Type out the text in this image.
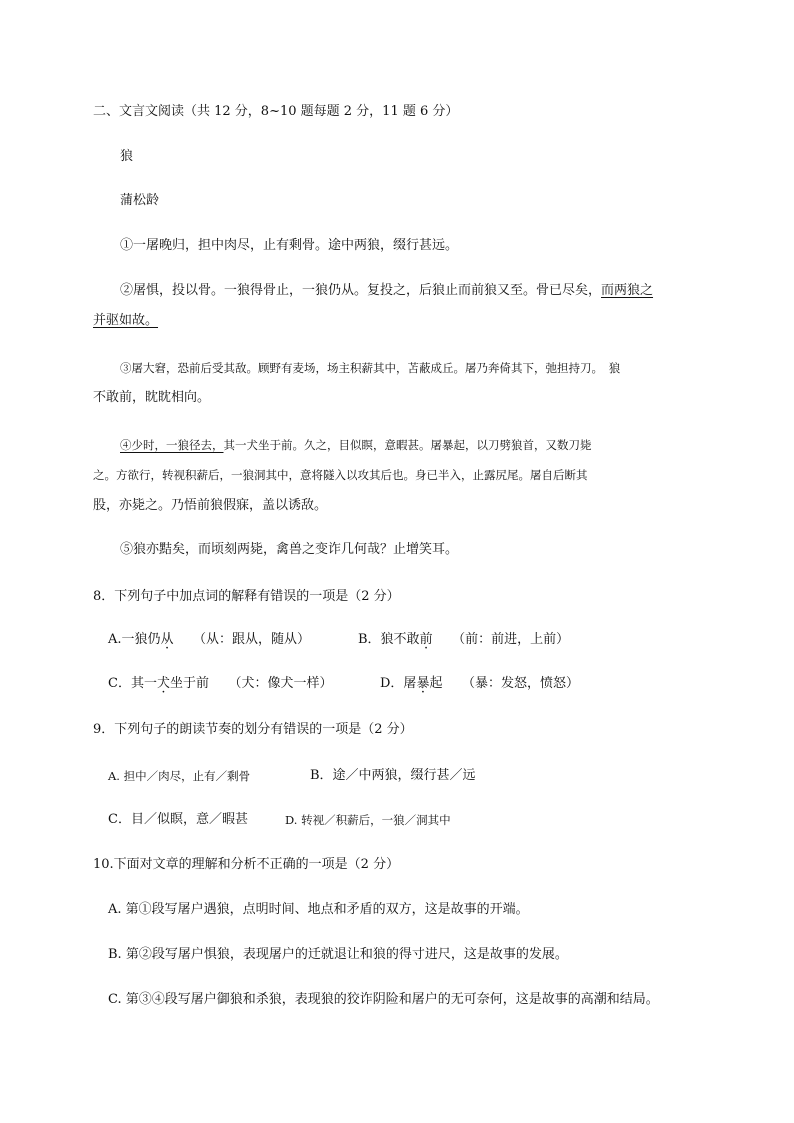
二、文言文阅读（共 12 分，8~10 题每题 2 分，11 题 6 分）
狼
蒲松龄
①一屠晚归，担中肉尽，止有剩骨。途中两狼，缀行甚远。
②屠惧，投以骨。一狼得骨止，一狼仍从。复投之，后狼止而前狼又至。骨已尽矣，而两狼之
并驱如故。
③屠大窘，恐前后受其敌。顾野有麦场，场主积薪其中，苫蔽成丘。屠乃奔倚其下，弛担持刀。　狼
不敢前，眈眈相向。
④少时，一狼径去，其一犬坐于前。久之，目似瞑，意暇甚。屠暴起，以刀劈狼首，又数刀毙
之。方欲行，转视积薪后，一狼洞其中，意将隧入以攻其后也。身已半入，止露尻尾。屠自后断其
股，亦毙之。乃悟前狼假寐，盖以诱敌。
⑤狼亦黠矣，而顷刻两毙，禽兽之变诈几何哉？止增笑耳。
8．下列句子中加点词的解释有错误的一项是（2 分）
A.一狼仍从　　（从：跟从，随从）	B．狼不敢前　　（前：前进，上前）
C．其一犬坐于前　　（犬：像犬一样）	D．屠暴起　　（暴：发怒，愤怒）
9．下列句子的朗读节奏的划分有错误的一项是（2 分）
A. 担中／肉尽，止有／剩骨	B．途／中两狼，缀行甚／远
C．目／似瞑，意／暇甚	D. 转视／积薪后，一狼／洞其中
10.下面对文章的理解和分析不正确的一项是（2 分）
A. 第①段写屠户遇狼，点明时间、地点和矛盾的双方，这是故事的开端。
B. 第②段写屠户惧狼，表现屠户的迁就退让和狼的得寸进尺，这是故事的发展。
C. 第③④段写屠户御狼和杀狼，表现狼的狡诈阴险和屠户的无可奈何，这是故事的高潮和结局。
